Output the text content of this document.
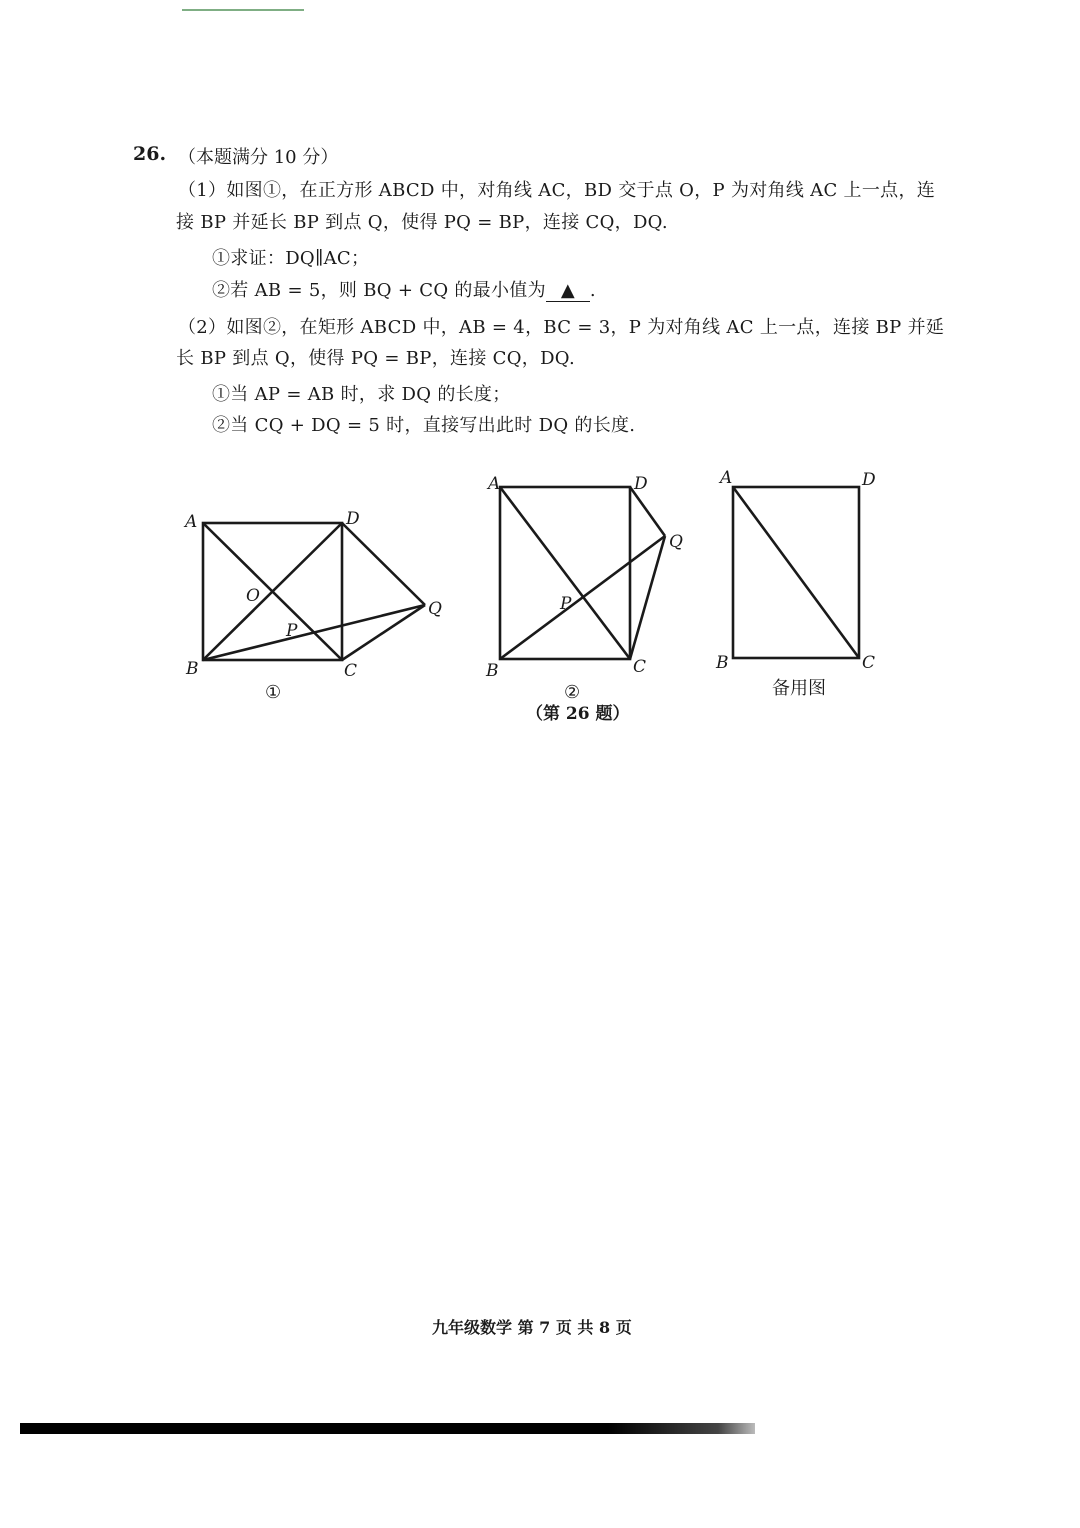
26. （本题满分 10 分）
（1）如图①，在正方形 ABCD 中，对角线 AC，BD 交于点 O，P 为对角线 AC 上一点，连
接 BP 并延长 BP 到点 Q，使得 PQ = BP，连接 CQ，DQ.
①求证：DQ∥AC；
②若 AB = 5，则 BQ + CQ 的最小值为 ▲ .
（2）如图②，在矩形 ABCD 中，AB = 4，BC = 3，P 为对角线 AC 上一点，连接 BP 并延
长 BP 到点 Q，使得 PQ = BP，连接 CQ，DQ.
①当 AP = AB 时，求 DQ 的长度；
②当 CQ + DQ = 5 时，直接写出此时 DQ 的长度.
A	D
O
Q
P
B	C
①
A	D
Q
P
B	C
②
A	D
B	C
备用图
（第 26 题）
九年级数学 第 7 页 共 8 页
